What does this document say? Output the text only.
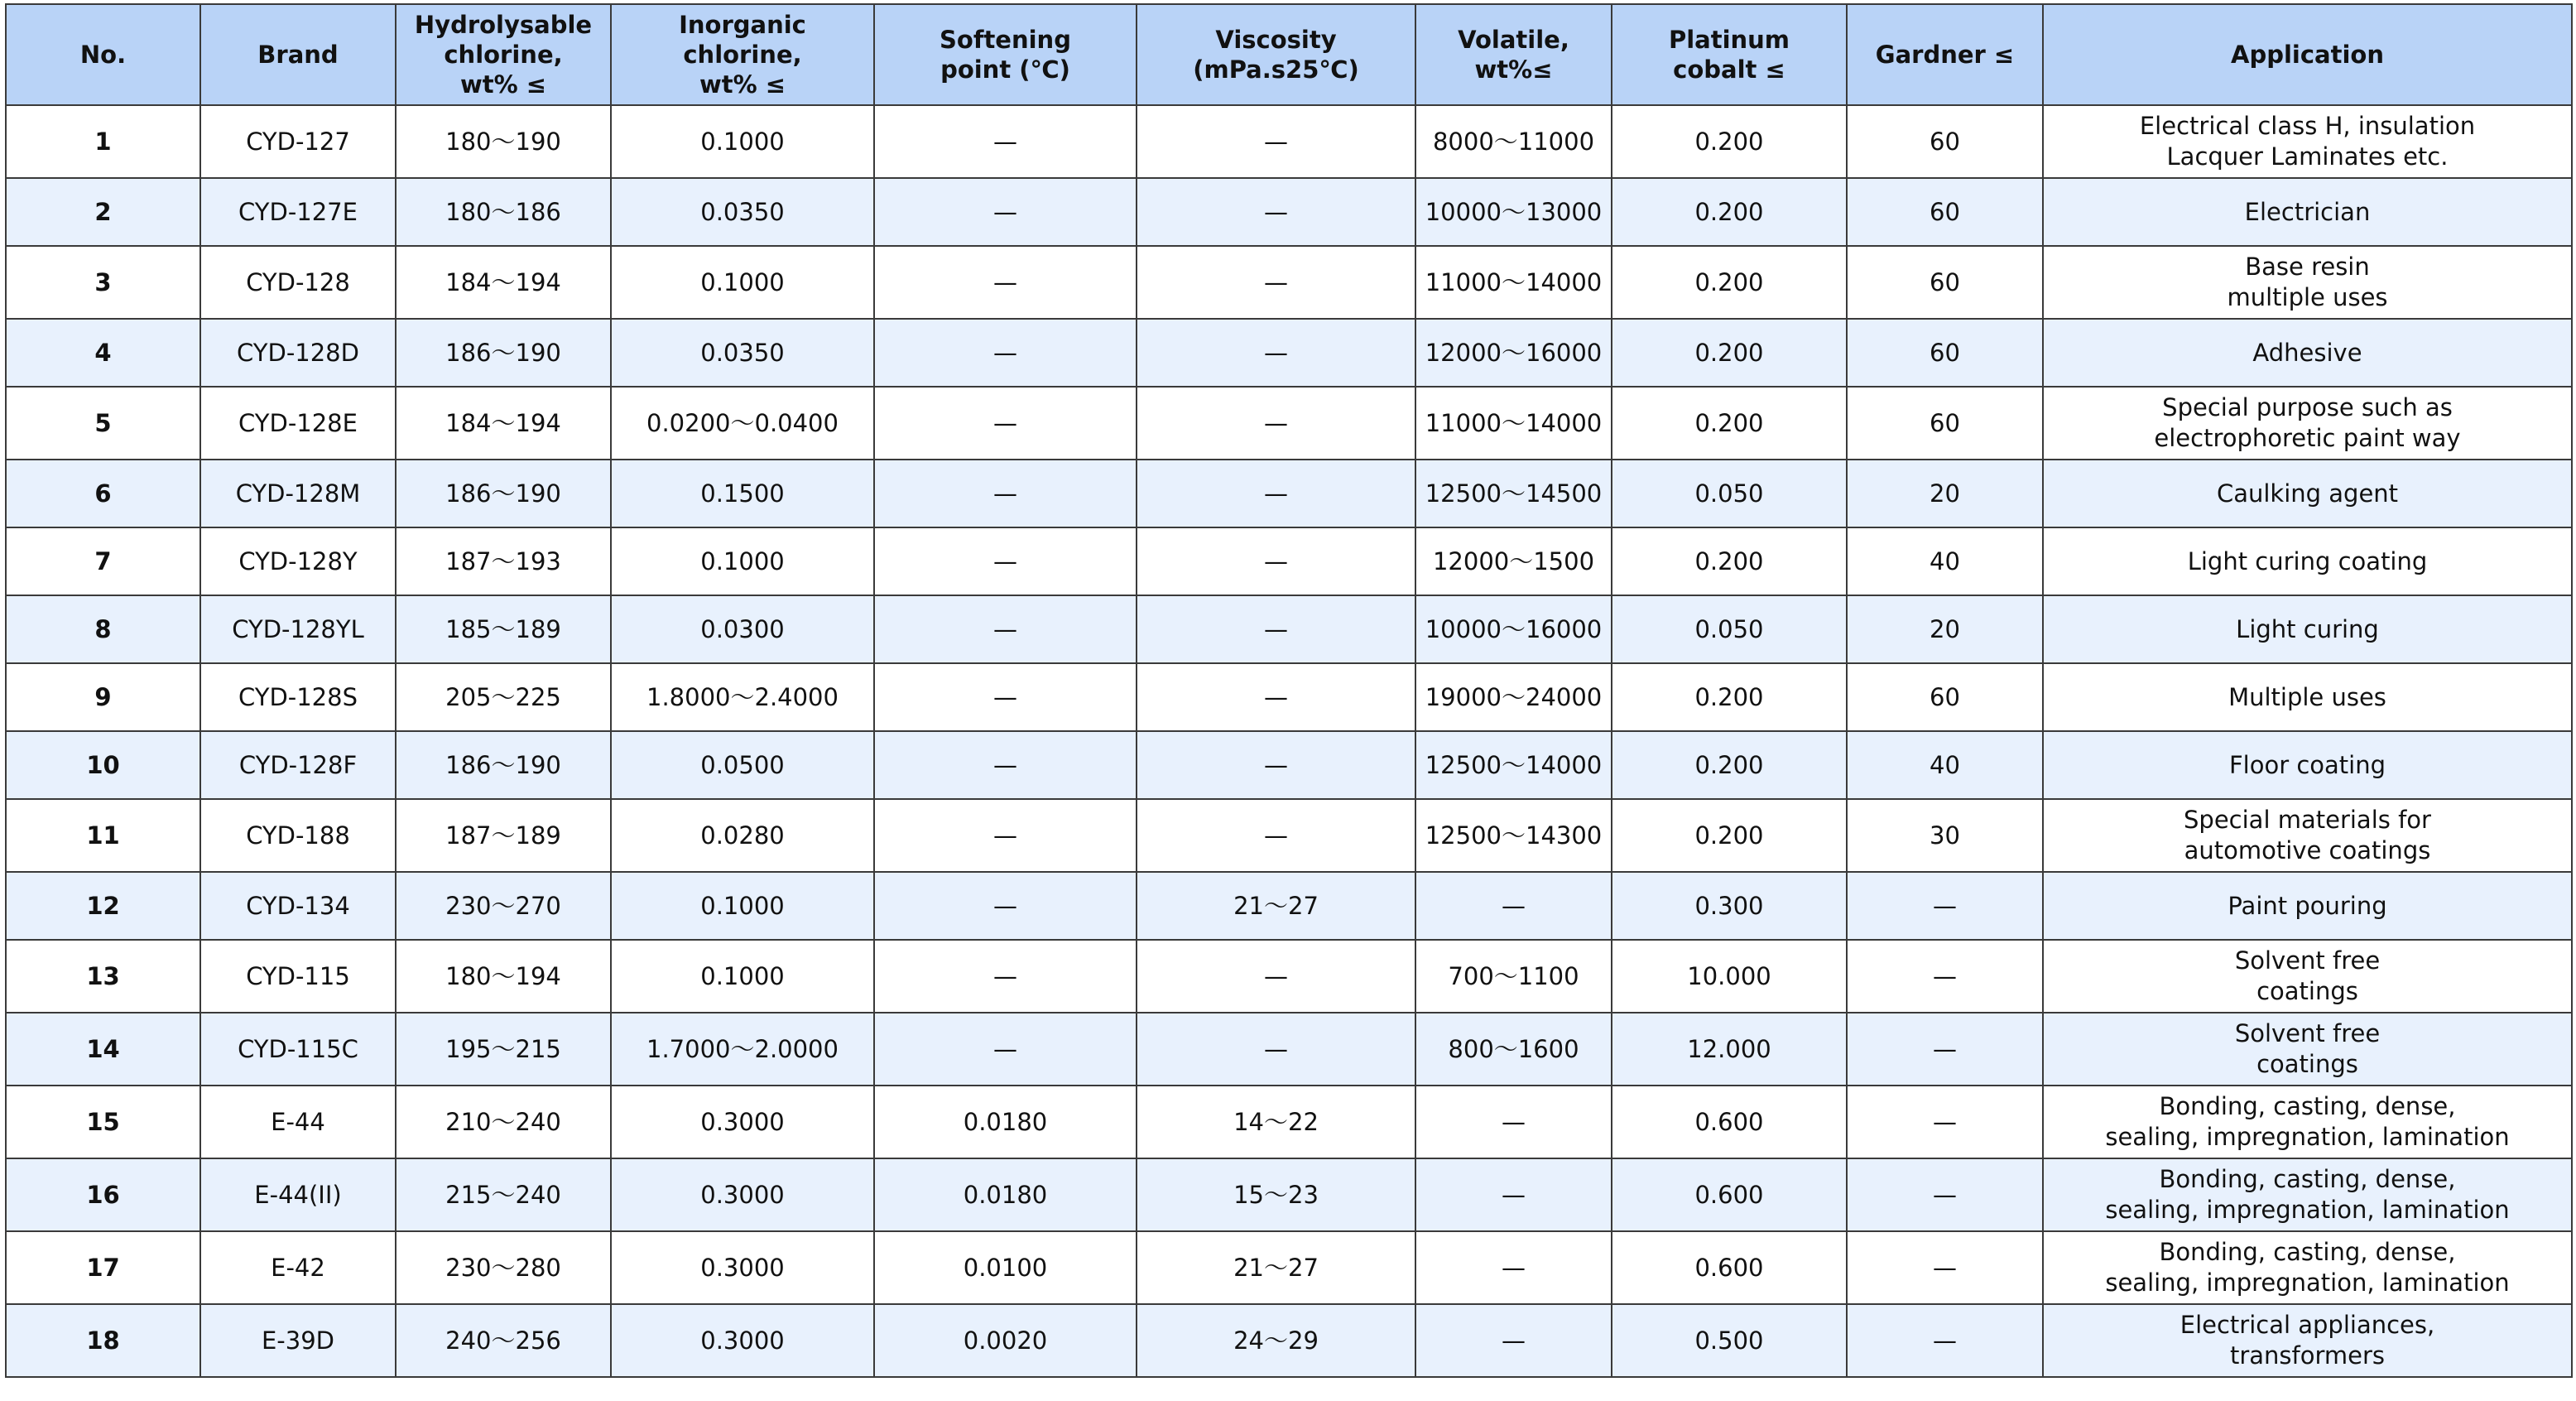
No.	Brand	Hydrolysable
chlorine,
wt% ≤	Inorganic
chlorine,
wt% ≤	Softening
point (℃)	Viscosity
(mPa.s25℃)	Volatile,
wt%≤	Platinum
cobalt ≤	Gardner ≤	Application
1	CYD-127	180～190	0.1000	—	—	8000～11000	0.200	60	Electrical class H, insulation
Lacquer Laminates etc.
2	CYD-127E	180～186	0.0350	—	—	10000～13000	0.200	60	Electrician
3	CYD-128	184～194	0.1000	—	—	11000～14000	0.200	60	Base resin
multiple uses
4	CYD-128D	186～190	0.0350	—	—	12000～16000	0.200	60	Adhesive
5	CYD-128E	184～194	0.0200～0.0400	—	—	11000～14000	0.200	60	Special purpose such as
electrophoretic paint way
6	CYD-128M	186～190	0.1500	—	—	12500～14500	0.050	20	Caulking agent
7	CYD-128Y	187～193	0.1000	—	—	12000～1500	0.200	40	Light curing coating
8	CYD-128YL	185～189	0.0300	—	—	10000～16000	0.050	20	Light curing
9	CYD-128S	205～225	1.8000～2.4000	—	—	19000～24000	0.200	60	Multiple uses
10	CYD-128F	186～190	0.0500	—	—	12500～14000	0.200	40	Floor coating
11	CYD-188	187～189	0.0280	—	—	12500～14300	0.200	30	Special materials for
automotive coatings
12	CYD-134	230～270	0.1000	—	21～27	—	0.300	—	Paint pouring
13	CYD-115	180～194	0.1000	—	—	700～1100	10.000	—	Solvent free
coatings
14	CYD-115C	195～215	1.7000～2.0000	—	—	800～1600	12.000	—	Solvent free
coatings
15	E-44	210～240	0.3000	0.0180	14～22	—	0.600	—	Bonding, casting, dense,
sealing, impregnation, lamination
16	E-44(II)	215～240	0.3000	0.0180	15～23	—	0.600	—	Bonding, casting, dense,
sealing, impregnation, lamination
17	E-42	230～280	0.3000	0.0100	21～27	—	0.600	—	Bonding, casting, dense,
sealing, impregnation, lamination
18	E-39D	240～256	0.3000	0.0020	24～29	—	0.500	—	Electrical appliances,
transformers
